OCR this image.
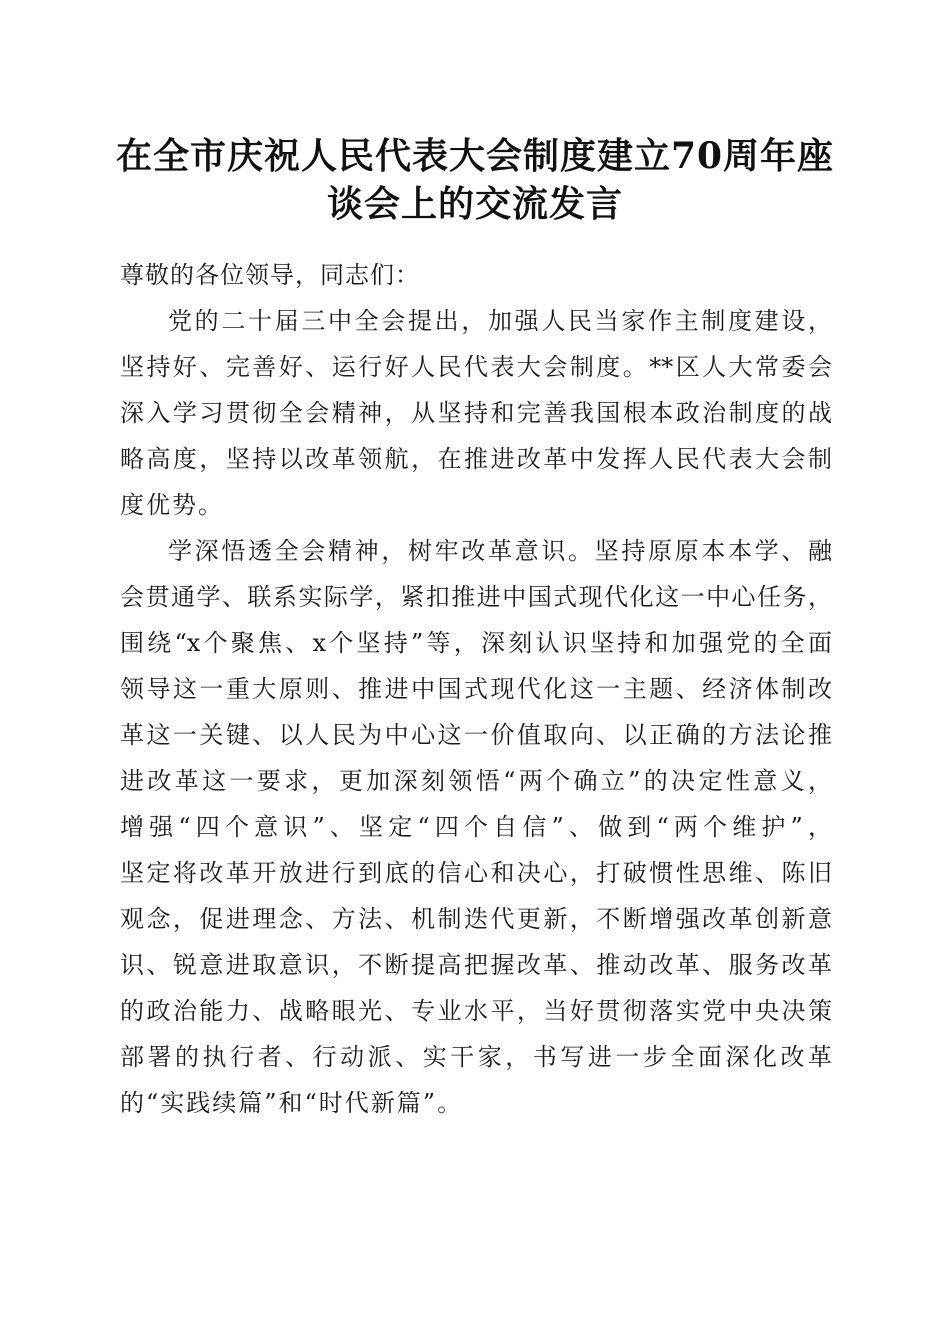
在全市庆祝人民代表大会制度建立70周年座
谈会上的交流发言

尊敬的各位领导，同志们：

党的二十届三中全会提出，加强人民当家作主制度建设，
坚持好、完善好、运行好人民代表大会制度。**区人大常委会
深入学习贯彻全会精神，从坚持和完善我国根本政治制度的战
略高度，坚持以改革领航，在推进改革中发挥人民代表大会制
度优势。

学深悟透全会精神，树牢改革意识。坚持原原本本学、融
会贯通学、联系实际学，紧扣推进中国式现代化这一中心任务，
围绕“x个聚焦、x个坚持”等，深刻认识坚持和加强党的全面
领导这一重大原则、推进中国式现代化这一主题、经济体制改
革这一关键、以人民为中心这一价值取向、以正确的方法论推
进改革这一要求，更加深刻领悟“两个确立”的决定性意义，
增强“四个意识”、坚定“四个自信”、做到“两个维护”，
坚定将改革开放进行到底的信心和决心，打破惯性思维、陈旧
观念，促进理念、方法、机制迭代更新，不断增强改革创新意
识、锐意进取意识，不断提高把握改革、推动改革、服务改革
的政治能力、战略眼光、专业水平，当好贯彻落实党中央决策
部署的执行者、行动派、实干家，书写进一步全面深化改革
的“实践续篇”和“时代新篇”。
